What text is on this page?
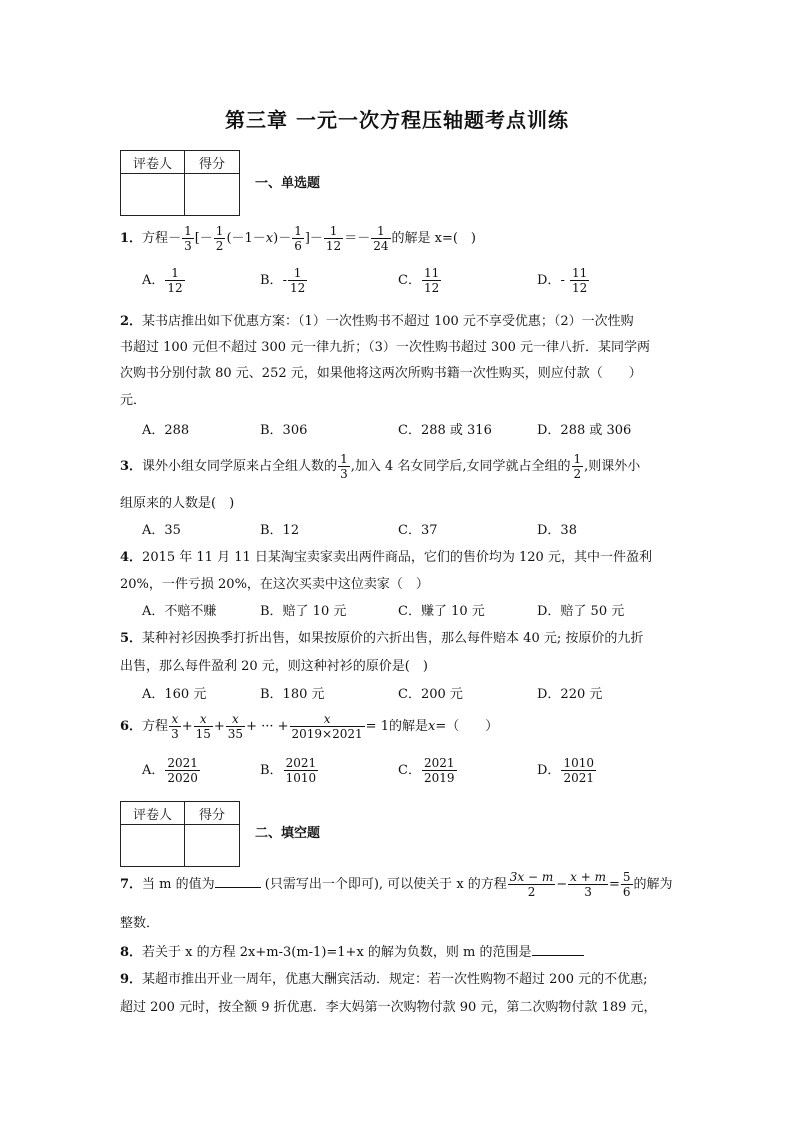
第三章 一元一次方程压轴题考点训练
评卷人	得分
一、单选题
1．方程－ $\frac{1}{3}$ [－ $\frac{1}{2} (-1-x)- \frac{1}{6}$ ]－ $\frac{1}{12} =- \frac{1}{24}$ 的解是 x=(　)
A． $\frac{1}{12}$	B．- $\frac{1}{12}$	C． $\frac{11}{12}$	D．- $\frac{11}{12}$
2．某书店推出如下优惠方案：（1）一次性购书不超过 100 元不享受优惠；（2）一次性购
书超过 100 元但不超过 300 元一律九折；（3）一次性购书超过 300 元一律八折．某同学两
次购书分别付款 80 元、252 元，如果他将这两次所购书籍一次性购买，则应付款（　　）
元．
A．288	B．306	C．288 或 316	D．288 或 306
3．课外小组女同学原来占全组人数的 $\frac{1}{3}$ ,加入 4 名女同学后,女同学就占全组的 $\frac{1}{2}$ ,则课外小
组原来的人数是(　)
A．35	B．12	C．37	D．38
4．2015 年 11 月 11 日某淘宝卖家卖出两件商品，它们的售价均为 120 元，其中一件盈利
20%，一件亏损 20%，在这次买卖中这位卖家（　）
A．不赔不赚	B．赔了 10 元	C．赚了 10 元	D．赔了 50 元
5．某种衬衫因换季打折出售，如果按原价的六折出售，那么每件赔本 40 元; 按原价的九折
出售，那么每件盈利 20 元，则这种衬衫的原价是(　)
A．160 元	B．180 元	C．200 元	D．220 元
6．方程 $\frac{x}{3} + \frac{x}{15} + \frac{x}{35}$ + ··· + $\frac{x}{2019\times 2021} = 1$的解是x=（　　）
A． $\frac{2021}{2020}$	B． $\frac{2021}{1010}$	C． $\frac{2021}{2019}$	D． $\frac{1010}{2021}$
评卷人	得分
二、填空题
7．当 m 的值为	(只需写出一个即可), 可以使关于 x 的方程 $\frac{3x - m}{2} - \frac{x + m}{3} = \frac{5}{6}$ 的解为
整数．
8．若关于 x 的方程 2x+m-3(m-1)=1+x 的解为负数，则 m 的范围是
9．某超市推出开业一周年，优惠大酬宾活动．规定：若一次性购物不超过 200 元的不优惠;
超过 200 元时，按全额 9 折优惠．李大妈第一次购物付款 90 元，第二次购物付款 189 元，
